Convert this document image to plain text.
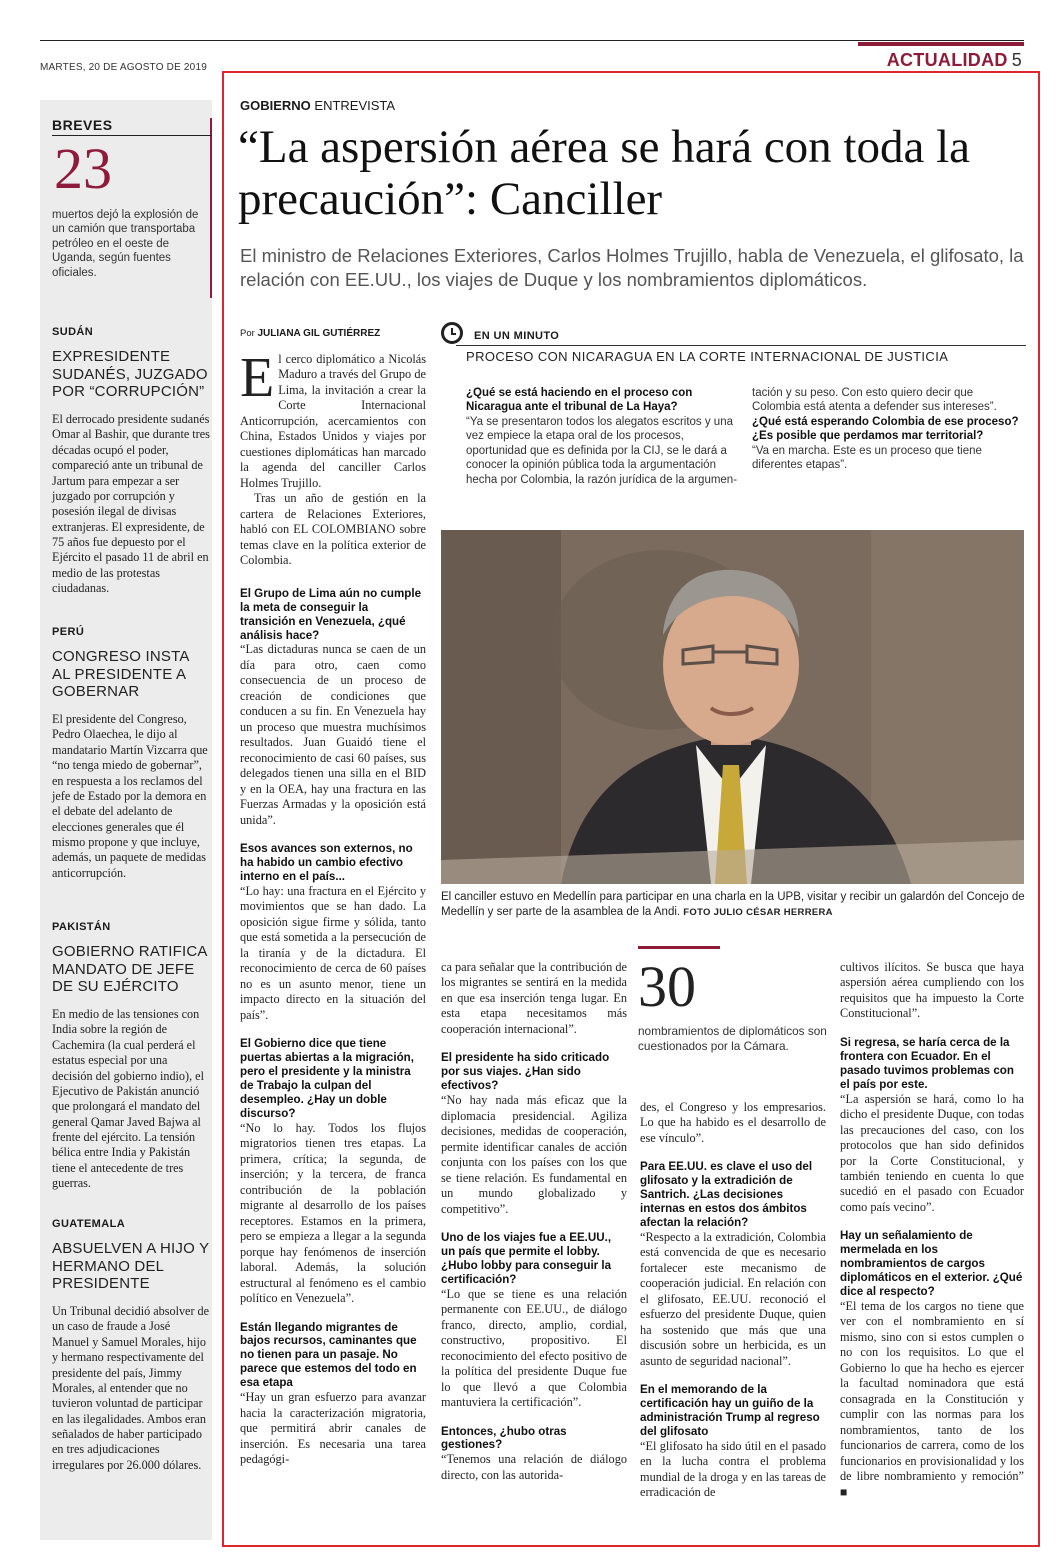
MARTES, 20 DE AGOSTO DE 2019	ACTUALIDAD 5
BREVES
23
muertos dejó la explosión de un camión que transportaba petróleo en el oeste de Uganda, según fuentes oficiales.
SUDÁN
EXPRESIDENTE SUDANÉS, JUZGADO POR “CORRUPCIÓN”
El derrocado presidente sudanés Omar al Bashir, que durante tres décadas ocupó el poder, compareció ante un tribunal de Jartum para empezar a ser juzgado por corrupción y posesión ilegal de divisas extranjeras. El expresidente, de 75 años fue depuesto por el Ejército el pasado 11 de abril en medio de las protestas ciudadanas.
PERÚ
CONGRESO INSTA AL PRESIDENTE A GOBERNAR
El presidente del Congreso, Pedro Olaechea, le dijo al mandatario Martín Vizcarra que “no tenga miedo de gobernar”, en respuesta a los reclamos del jefe de Estado por la demora en el debate del adelanto de elecciones generales que él mismo propone y que incluye, además, un paquete de medidas anticorrupción.
PAKISTÁN
GOBIERNO RATIFICA MANDATO DE JEFE DE SU EJÉRCITO
En medio de las tensiones con India sobre la región de Cachemira (la cual perderá el estatus especial por una decisión del gobierno indio), el Ejecutivo de Pakistán anunció que prolongará el mandato del general Qamar Javed Bajwa al frente del ejército. La tensión bélica entre India y Pakistán tiene el antecedente de tres guerras.
GUATEMALA
ABSUELVEN A HIJO Y HERMANO DEL PRESIDENTE
Un Tribunal decidió absolver de un caso de fraude a José Manuel y Samuel Morales, hijo y hermano respectivamente del presidente del país, Jimmy Morales, al entender que no tuvieron voluntad de participar en las ilegalidades. Ambos eran señalados de haber participado en tres adjudicaciones irregulares por 26.000 dólares.
GOBIERNO ENTREVISTA
“La aspersión aérea se hará con toda la precaución”: Canciller
El ministro de Relaciones Exteriores, Carlos Holmes Trujillo, habla de Venezuela, el glifosato, la relación con EE.UU., los viajes de Duque y los nombramientos diplomáticos.
Por JULIANA GIL GUTIÉRREZ

El cerco diplomático a Nicolás Maduro a través del Grupo de Lima, la invitación a crear la Corte Internacional Anticorrupción, acercamientos con China, Estados Unidos y viajes por cuestiones diplomáticas han marcado la agenda del canciller Carlos Holmes Trujillo.

Tras un año de gestión en la cartera de Relaciones Exteriores, habló con EL COLOMBIANO sobre temas clave en la política exterior de Colombia.

El Grupo de Lima aún no cumple la meta de conseguir la transición en Venezuela, ¿qué análisis hace?

“Las dictaduras nunca se caen de un día para otro, caen como consecuencia de un proceso de creación de condiciones que conducen a su fin. En Venezuela hay un proceso que muestra muchísimos resultados. Juan Guaidó tiene el reconocimiento de casi 60 países, sus delegados tienen una silla en el BID y en la OEA, hay una fractura en las Fuerzas Armadas y la oposición está unida”.

Esos avances son externos, no ha habido un cambio efectivo interno en el país...

“Lo hay: una fractura en el Ejército y movimientos que se han dado. La oposición sigue firme y sólida, tanto que está sometida a la persecución de la tiranía y de la dictadura. El reconocimiento de cerca de 60 países no es un asunto menor, tiene un impacto directo en la situación del país”.

El Gobierno dice que tiene puertas abiertas a la migración, pero el presidente y la ministra de Trabajo la culpan del desempleo. ¿Hay un doble discurso?

“No lo hay. Todos los flujos migratorios tienen tres etapas. La primera, crítica; la segunda, de inserción; y la tercera, de franca contribución de la población migrante al desarrollo de los países receptores. Estamos en la primera, pero se empieza a llegar a la segunda porque hay fenómenos de inserción laboral. Además, la solución estructural al fenómeno es el cambio político en Venezuela”.

Están llegando migrantes de bajos recursos, caminantes que no tienen para un pasaje. No parece que estemos del todo en esa etapa

“Hay un gran esfuerzo para avanzar hacia la caracterización migratoria, que permitirá abrir canales de inserción. Es necesaria una tarea pedagógi-

EN UN MINUTO
PROCESO CON NICARAGUA EN LA CORTE INTERNACIONAL DE JUSTICIA
¿Qué se está haciendo en el proceso con Nicaragua ante el tribunal de La Haya?
“Ya se presentaron todos los alegatos escritos y una vez empiece la etapa oral de los procesos, oportunidad que es definida por la CIJ, se le dará a conocer la opinión pública toda la argumentación hecha por Colombia, la razón jurídica de la argumen-
tación y su peso. Con esto quiero decir que Colombia está atenta a defender sus intereses”.
¿Qué está esperando Colombia de ese proceso? ¿Es posible que perdamos mar territorial?
“Va en marcha. Este es un proceso que tiene diferentes etapas”.
El canciller estuvo en Medellín para participar en una charla en la UPB, visitar y recibir un galardón del Concejo de Medellín y ser parte de la asamblea de la Andi. FOTO JULIO CÉSAR HERRERA

ca para señalar que la contribución de los migrantes se sentirá en la medida en que esa inserción tenga lugar. En esta etapa necesitamos más cooperación internacional”.

El presidente ha sido criticado por sus viajes. ¿Han sido efectivos?

“No hay nada más eficaz que la diplomacia presidencial. Agiliza decisiones, medidas de cooperación, permite identificar canales de acción conjunta con los países con los que se tiene relación. Es fundamental en un mundo globalizado y competitivo”.

Uno de los viajes fue a EE.UU., un país que permite el lobby. ¿Hubo lobby para conseguir la certificación?

“Lo que se tiene es una relación permanente con EE.UU., de diálogo franco, directo, amplio, cordial, constructivo, propositivo. El reconocimiento del efecto positivo de la política del presidente Duque fue lo que llevó a que Colombia mantuviera la certificación”.

Entonces, ¿hubo otras gestiones?

“Tenemos una relación de diálogo directo, con las autorida-

30
nombramientos de diplomáticos son cuestionados por la Cámara.

des, el Congreso y los empresarios. Lo que ha habido es el desarrollo de ese vínculo”.

Para EE.UU. es clave el uso del glifosato y la extradición de Santrich. ¿Las decisiones internas en estos dos ámbitos afectan la relación?

“Respecto a la extradición, Colombia está convencida de que es necesario fortalecer este mecanismo de cooperación judicial. En relación con el glifosato, EE.UU. reconoció el esfuerzo del presidente Duque, quien ha sostenido que más que una discusión sobre un herbicida, es un asunto de seguridad nacional”.

En el memorando de la certificación hay un guiño de la administración Trump al regreso del glifosato

“El glifosato ha sido útil en el pasado en la lucha contra el problema mundial de la droga y en las tareas de erradicación de

cultivos ilícitos. Se busca que haya aspersión aérea cumpliendo con los requisitos que ha impuesto la Corte Constitucional”.

Si regresa, se haría cerca de la frontera con Ecuador. En el pasado tuvimos problemas con el país por este.

“La aspersión se hará, como lo ha dicho el presidente Duque, con todas las precauciones del caso, con los protocolos que han sido definidos por la Corte Constitucional, y también teniendo en cuenta lo que sucedió en el pasado con Ecuador como país vecino”.

Hay un señalamiento de mermelada en los nombramientos de cargos diplomáticos en el exterior. ¿Qué dice al respecto?

“El tema de los cargos no tiene que ver con el nombramiento en sí mismo, sino con si estos cumplen o no con los requisitos. Lo que el Gobierno lo que ha hecho es ejercer la facultad nominadora que está consagrada en la Constitución y cumplir con las normas para los nombramientos, tanto de los funcionarios de carrera, como de los funcionarios en provisionalidad y los de libre nombramiento y remoción” ■
